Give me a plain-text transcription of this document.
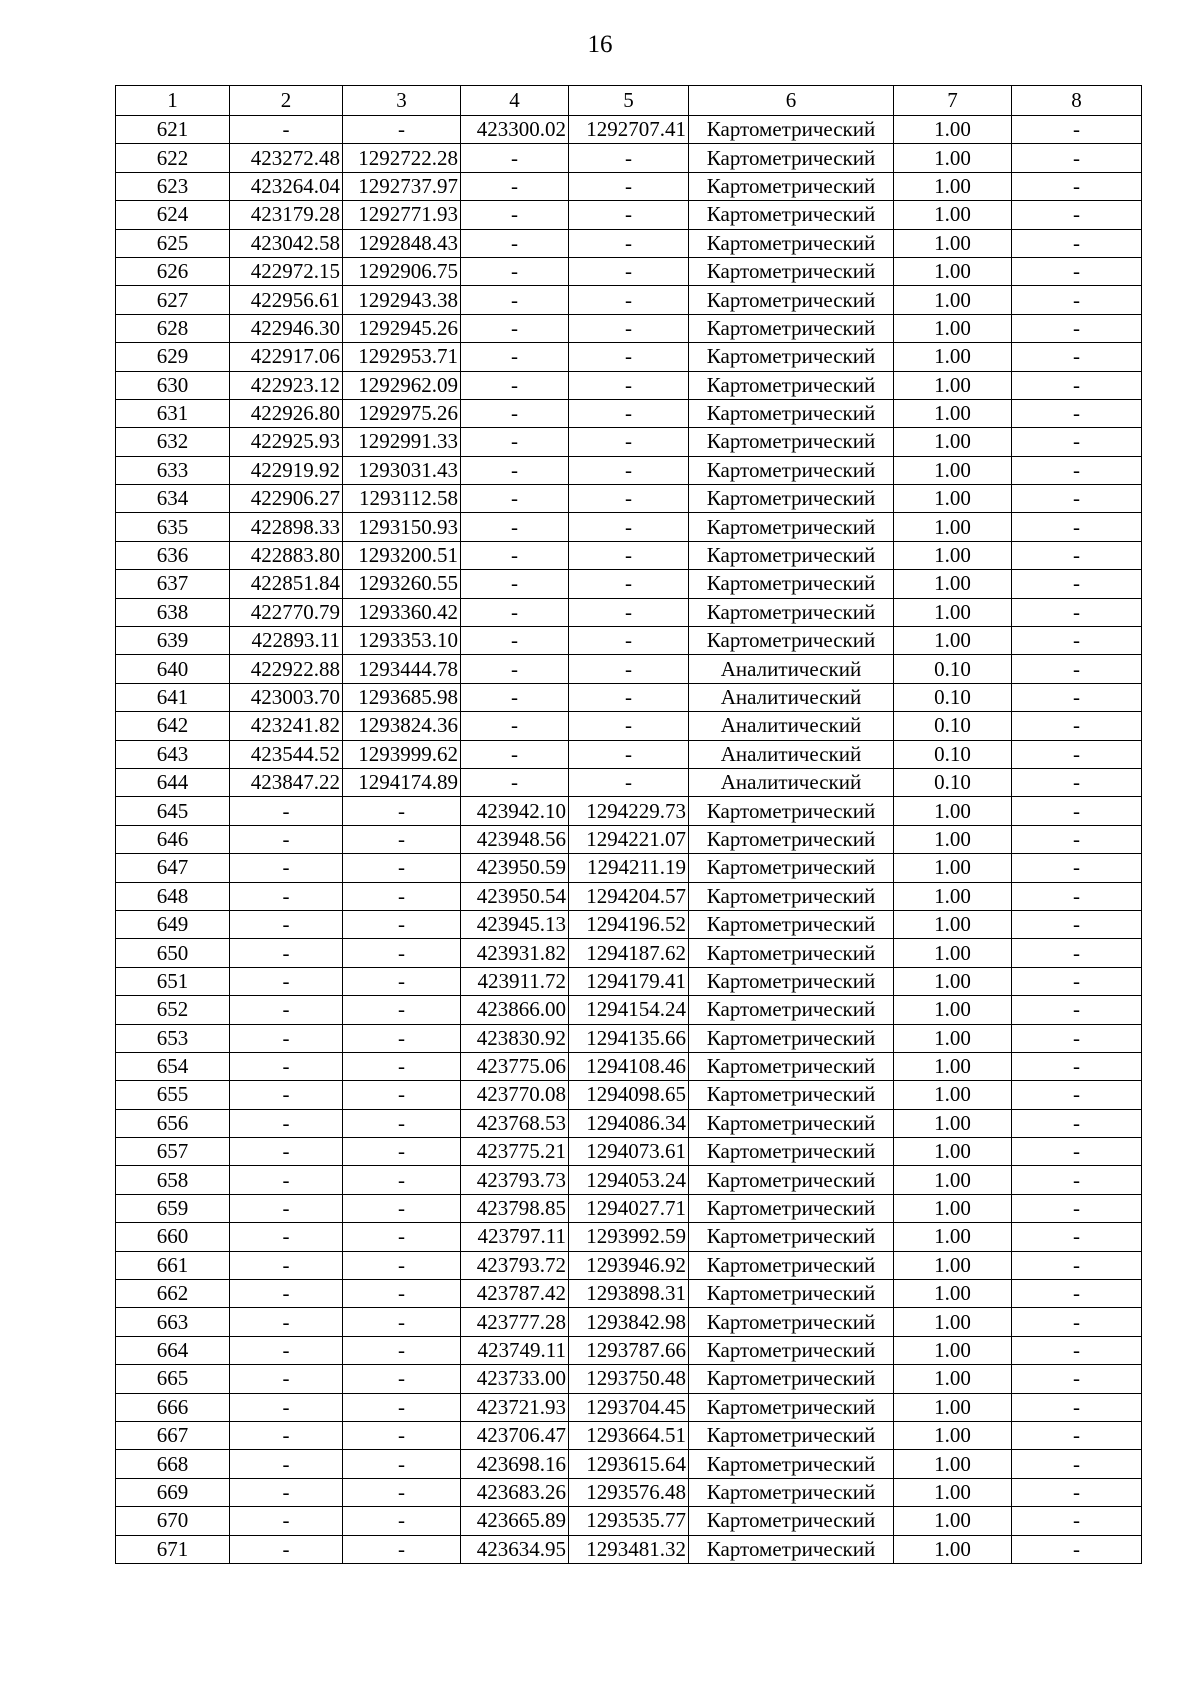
16
1	2	3	4	5	6	7	8
621	-	-	423300.02	1292707.41	Картометрический	1.00	-
622	423272.48	1292722.28	-	-	Картометрический	1.00	-
623	423264.04	1292737.97	-	-	Картометрический	1.00	-
624	423179.28	1292771.93	-	-	Картометрический	1.00	-
625	423042.58	1292848.43	-	-	Картометрический	1.00	-
626	422972.15	1292906.75	-	-	Картометрический	1.00	-
627	422956.61	1292943.38	-	-	Картометрический	1.00	-
628	422946.30	1292945.26	-	-	Картометрический	1.00	-
629	422917.06	1292953.71	-	-	Картометрический	1.00	-
630	422923.12	1292962.09	-	-	Картометрический	1.00	-
631	422926.80	1292975.26	-	-	Картометрический	1.00	-
632	422925.93	1292991.33	-	-	Картометрический	1.00	-
633	422919.92	1293031.43	-	-	Картометрический	1.00	-
634	422906.27	1293112.58	-	-	Картометрический	1.00	-
635	422898.33	1293150.93	-	-	Картометрический	1.00	-
636	422883.80	1293200.51	-	-	Картометрический	1.00	-
637	422851.84	1293260.55	-	-	Картометрический	1.00	-
638	422770.79	1293360.42	-	-	Картометрический	1.00	-
639	422893.11	1293353.10	-	-	Картометрический	1.00	-
640	422922.88	1293444.78	-	-	Аналитический	0.10	-
641	423003.70	1293685.98	-	-	Аналитический	0.10	-
642	423241.82	1293824.36	-	-	Аналитический	0.10	-
643	423544.52	1293999.62	-	-	Аналитический	0.10	-
644	423847.22	1294174.89	-	-	Аналитический	0.10	-
645	-	-	423942.10	1294229.73	Картометрический	1.00	-
646	-	-	423948.56	1294221.07	Картометрический	1.00	-
647	-	-	423950.59	1294211.19	Картометрический	1.00	-
648	-	-	423950.54	1294204.57	Картометрический	1.00	-
649	-	-	423945.13	1294196.52	Картометрический	1.00	-
650	-	-	423931.82	1294187.62	Картометрический	1.00	-
651	-	-	423911.72	1294179.41	Картометрический	1.00	-
652	-	-	423866.00	1294154.24	Картометрический	1.00	-
653	-	-	423830.92	1294135.66	Картометрический	1.00	-
654	-	-	423775.06	1294108.46	Картометрический	1.00	-
655	-	-	423770.08	1294098.65	Картометрический	1.00	-
656	-	-	423768.53	1294086.34	Картометрический	1.00	-
657	-	-	423775.21	1294073.61	Картометрический	1.00	-
658	-	-	423793.73	1294053.24	Картометрический	1.00	-
659	-	-	423798.85	1294027.71	Картометрический	1.00	-
660	-	-	423797.11	1293992.59	Картометрический	1.00	-
661	-	-	423793.72	1293946.92	Картометрический	1.00	-
662	-	-	423787.42	1293898.31	Картометрический	1.00	-
663	-	-	423777.28	1293842.98	Картометрический	1.00	-
664	-	-	423749.11	1293787.66	Картометрический	1.00	-
665	-	-	423733.00	1293750.48	Картометрический	1.00	-
666	-	-	423721.93	1293704.45	Картометрический	1.00	-
667	-	-	423706.47	1293664.51	Картометрический	1.00	-
668	-	-	423698.16	1293615.64	Картометрический	1.00	-
669	-	-	423683.26	1293576.48	Картометрический	1.00	-
670	-	-	423665.89	1293535.77	Картометрический	1.00	-
671	-	-	423634.95	1293481.32	Картометрический	1.00	-
